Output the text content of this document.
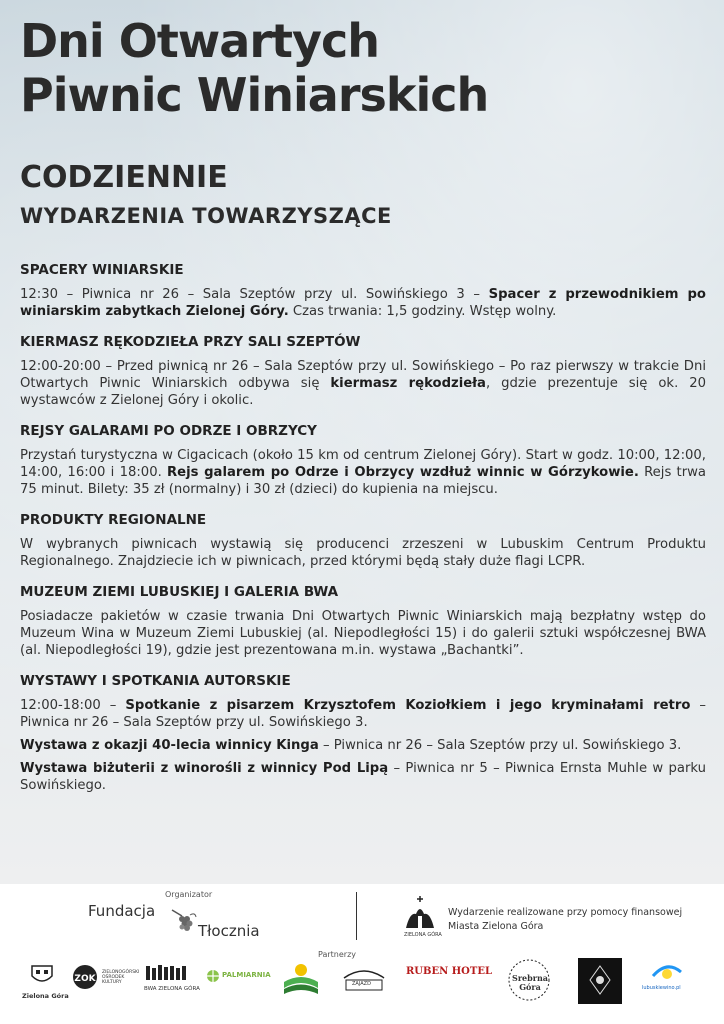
Dni Otwartych
Piwnic Winiarskich
CODZIENNIE
WYDARZENIA TOWARZYSZĄCE
SPACERY WINIARSKIE

12:30 – Piwnica nr 26 – Sala Szeptów przy ul. Sowińskiego 3 – Spacer z przewodnikiem po winiarskim zabytkach Zielonej Góry. Czas trwania: 1,5 godziny. Wstęp wolny.

KIERMASZ RĘKODZIEŁA PRZY SALI SZEPTÓW

12:00-20:00 – Przed piwnicą nr 26 – Sala Szeptów przy ul. Sowińskiego – Po raz pierwszy w trakcie Dni Otwartych Piwnic Winiarskich odbywa się kiermasz rękodzieła, gdzie prezentuje się ok. 20 wystawców z Zielonej Góry i okolic.

REJSY GALARAMI PO ODRZE I OBRZYCY

Przystań turystyczna w Cigacicach (około 15 km od centrum Zielonej Góry). Start w godz. 10:00, 12:00, 14:00, 16:00 i 18:00. Rejs galarem po Odrze i Obrzycy wzdłuż winnic w Górzykowie. Rejs trwa 75 minut. Bilety: 35 zł (normalny) i 30 zł (dzieci) do kupienia na miejscu.

PRODUKTY REGIONALNE

W wybranych piwnicach wystawią się producenci zrzeszeni w Lubuskim Centrum Produktu Regionalnego. Znajdziecie ich w piwnicach, przed którymi będą stały duże flagi LCPR.

MUZEUM ZIEMI LUBUSKIEJ I GALERIA BWA

Posiadacze pakietów w czasie trwania Dni Otwartych Piwnic Winiarskich mają bezpłatny wstęp do Muzeum Wina w Muzeum Ziemi Lubuskiej (al. Niepodległości 15) i do galerii sztuki współczesnej BWA (al. Niepodległości 19), gdzie jest prezentowana m.in. wystawa „Bachantki”.

WYSTAWY I SPOTKANIA AUTORSKIE

12:00-18:00 – Spotkanie z pisarzem Krzysztofem Koziołkiem i jego kryminałami retro – Piwnica nr 26 – Sala Szeptów przy ul. Sowińskiego 3.

Wystawa z okazji 40-lecia winnicy Kinga – Piwnica nr 26 – Sala Szeptów przy ul. Sowińskiego 3.

Wystawa biżuterii z winorośli z winnicy Pod Lipą – Piwnica nr 5 – Piwnica Ernsta Muhle w parku Sowińskiego.

Organizator
Fundacja
Tłocznia	ZIELONA GÓRA
Wydarzenie realizowane przy pomocy finansowej
Miasta Zielona Góra
Partnerzy
Zielona Góra
ZOK
ZIELONOGÓRSKI OŚRODEK KULTURY
BWA ZIELONA GÓRA
PALMIARNIA
ZAJAZD
RUBEN HOTEL
Srebrna Góra	lubuskiewino.pl
